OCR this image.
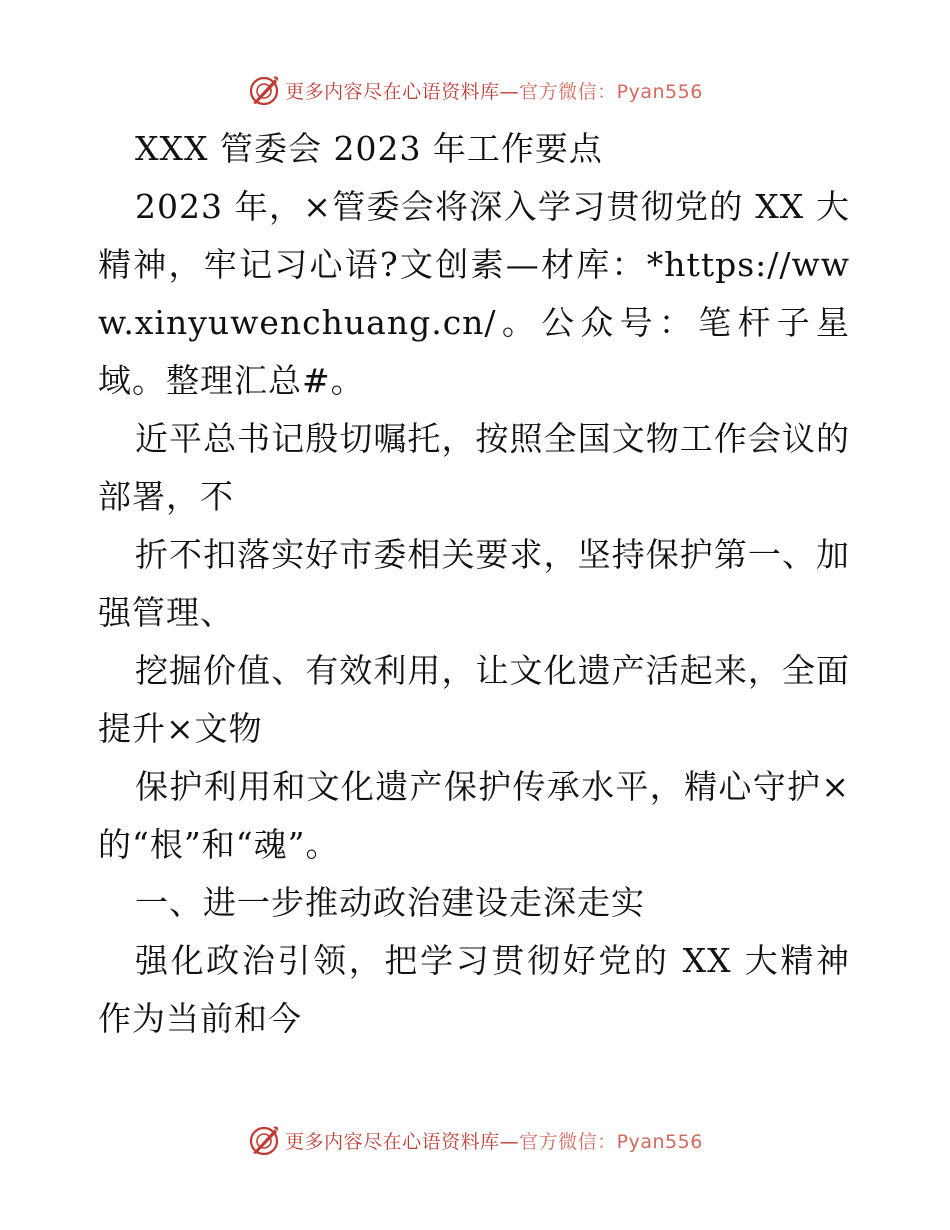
更多内容尽在心语资料库—官方微信：Pyan556

XXX 管委会 2023 年工作要点

2023 年，×管委会将深入学习贯彻党的 XX 大精神，牢记习心语?文创素—材库：*https://www.xinyuwenchuang.cn/。公众号：笔杆子星域。整理汇总#。

近平总书记殷切嘱托，按照全国文物工作会议的部署，不

折不扣落实好市委相关要求，坚持保护第一、加强管理、

挖掘价值、有效利用，让文化遗产活起来，全面提升×文物

保护利用和文化遗产保护传承水平，精心守护×的“根”和“魂”。

一、进一步推动政治建设走深走实

强化政治引领，把学习贯彻好党的 XX 大精神作为当前和今

更多内容尽在心语资料库—官方微信：Pyan556
